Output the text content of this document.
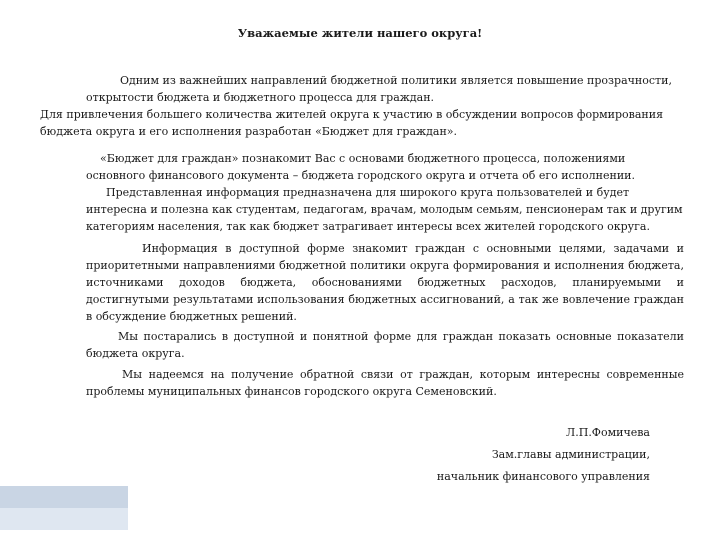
Уважаемые жители нашего округа!

Одним из важнейших направлений бюджетной политики является повышение прозрачности, открытости бюджета и бюджетного процесса для граждан.

Для привлечения большего количества жителей округа к участию в обсуждении вопросов формирования бюджета округа и его исполнения разработан «Бюджет для граждан».

«Бюджет для граждан» познакомит Вас с основами бюджетного процесса, положениями основного финансового документа – бюджета городского округа и отчета об его исполнении.

Представленная информация предназначена для широкого круга пользователей и будет интересна и полезна как студентам, педагогам, врачам, молодым семьям, пенсионерам так и другим категориям населения, так как бюджет затрагивает интересы всех жителей городского округа.

Информация в доступной форме знакомит граждан с основными целями, задачами и приоритетными направлениями бюджетной политики округа формирования и исполнения бюджета, источниками доходов бюджета, обоснованиями бюджетных расходов, планируемыми и достигнутыми результатами использования бюджетных ассигнований, а так же вовлечение граждан в обсуждение бюджетных решений.

Мы постарались в доступной и понятной форме для граждан показать основные показатели бюджета округа.

Мы надеемся на получение обратной связи от граждан, которым интересны современные проблемы муниципальных финансов городского округа Семеновский.

Л.П.Фомичева
Зам.главы администрации,
начальник финансового управления
